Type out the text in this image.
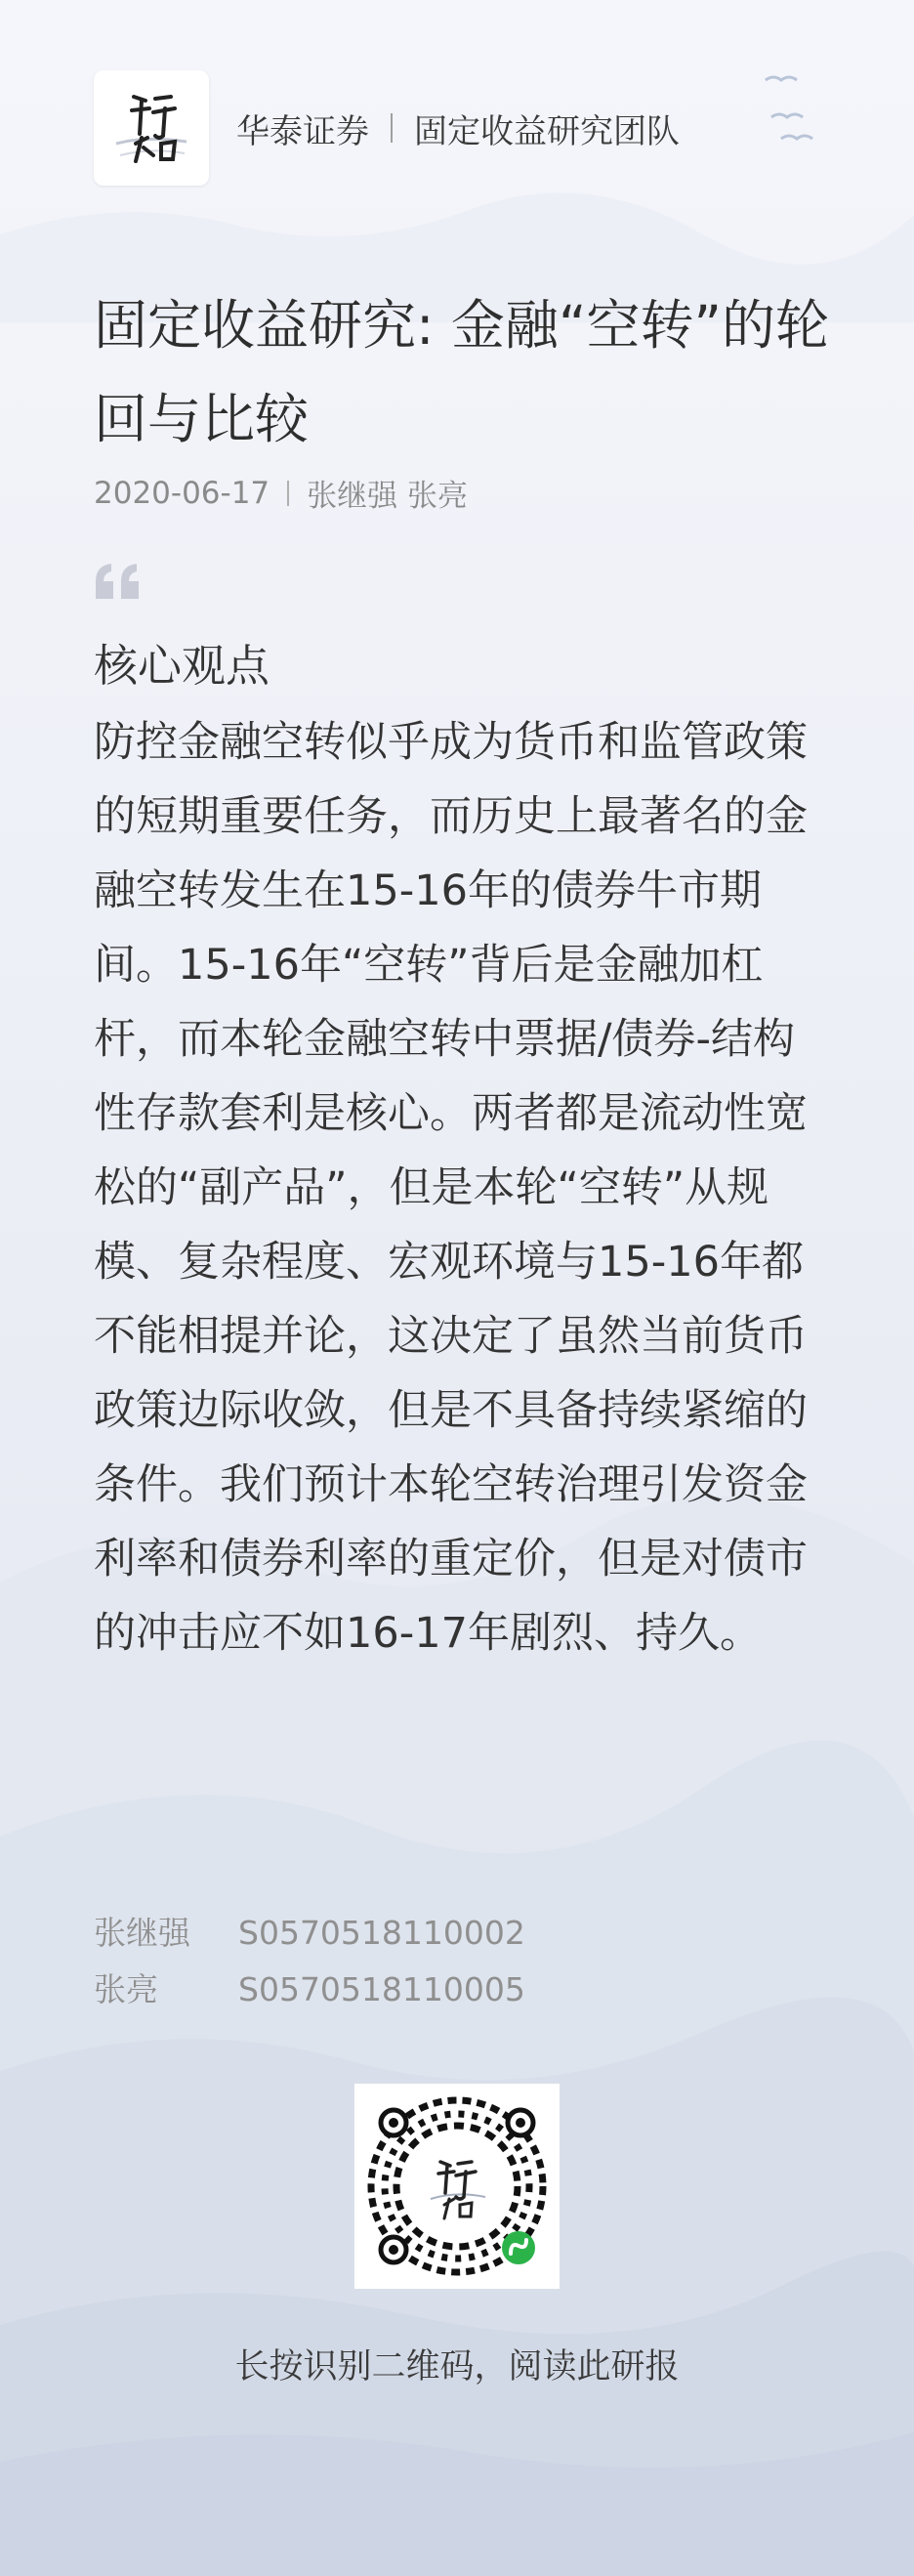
华泰证券 固定收益研究团队
固定收益研究: 金融“空转”的轮回与比较
2020-06-17 张继强 张亮
核心观点

防控金融空转似乎成为货币和监管政策的短期重要任务，而历史上最著名的金融空转发生在15-16年的债券牛市期间。15-16年“空转”背后是金融加杠杆，而本轮金融空转中票据/债券-结构性存款套利是核心。两者都是流动性宽松的“副产品”，但是本轮“空转”从规模、复杂程度、宏观环境与15-16年都不能相提并论，这决定了虽然当前货币政策边际收敛，但是不具备持续紧缩的条件。我们预计本轮空转治理引发资金利率和债券利率的重定价，但是对债市的冲击应不如16-17年剧烈、持久。

张继强	S0570518110002
张亮	S0570518110005
长按识别二维码，阅读此研报
